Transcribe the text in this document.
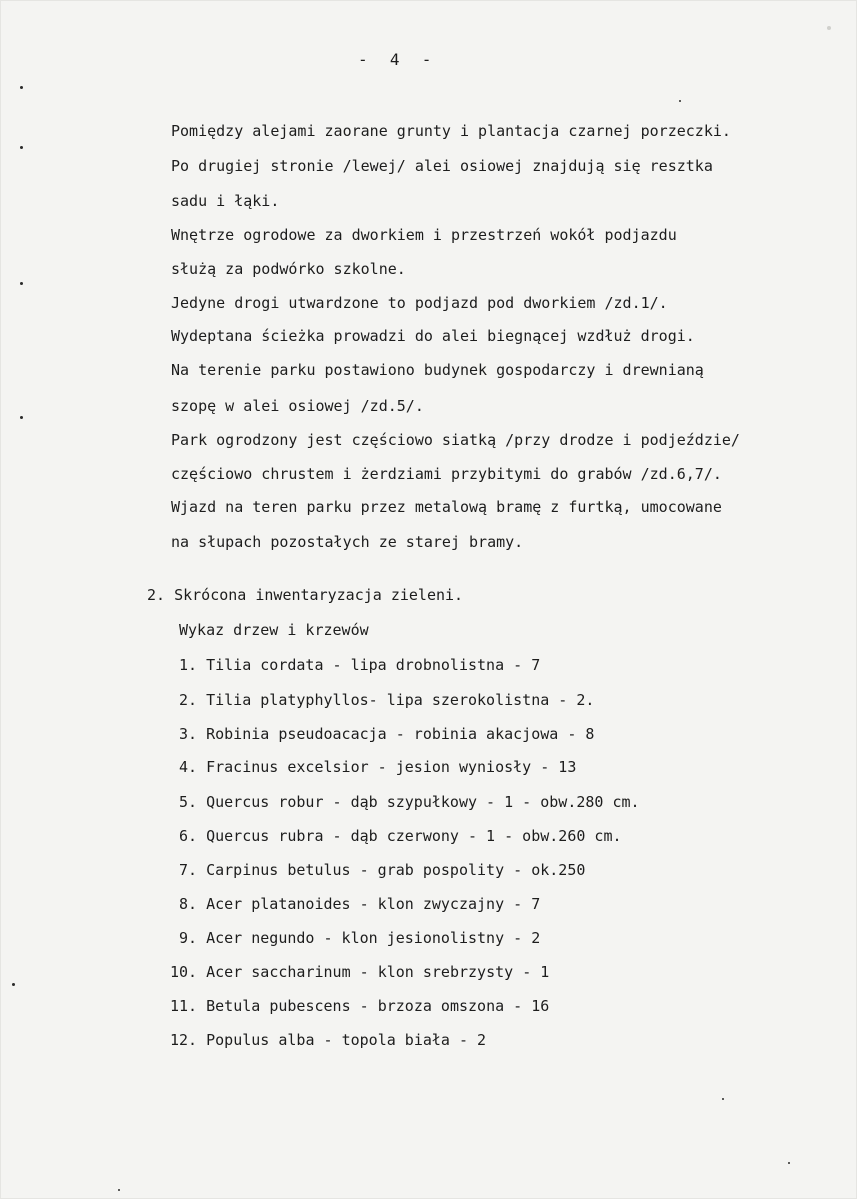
-  4  -
Pomiędzy alejami zaorane grunty i plantacja czarnej porzeczki.
Po drugiej stronie /lewej/ alei osiowej znajdują się resztka
sadu i łąki.
Wnętrze ogrodowe za dworkiem i przestrzeń wokół podjazdu
służą za podwórko szkolne.
Jedyne drogi utwardzone to podjazd pod dworkiem /zd.1/.
Wydeptana ścieżka prowadzi do alei biegnącej wzdłuż drogi.
Na terenie parku postawiono budynek gospodarczy i drewnianą
szopę w alei osiowej /zd.5/.
Park ogrodzony jest częściowo siatką /przy drodze i podjeździe/
częściowo chrustem i żerdziami przybitymi do grabów /zd.6,7/.
Wjazd na teren parku przez metalową bramę z furtką, umocowane
na słupach pozostałych ze starej bramy.
2. Skrócona inwentaryzacja zieleni.
Wykaz drzew i krzewów
1. Tilia cordata - lipa drobnolistna - 7
2. Tilia platyphyllos- lipa szerokolistna - 2.
3. Robinia pseudoacacja - robinia akacjowa - 8
4. Fracinus excelsior - jesion wyniosły - 13
5. Quercus robur - dąb szypułkowy - 1 - obw.280 cm.
6. Quercus rubra - dąb czerwony - 1 - obw.260 cm.
7. Carpinus betulus - grab pospolity - ok.250
8. Acer platanoides - klon zwyczajny - 7
9. Acer negundo - klon jesionolistny - 2
10. Acer saccharinum - klon srebrzysty - 1
11. Betula pubescens - brzoza omszona - 16
12. Populus alba - topola biała - 2
